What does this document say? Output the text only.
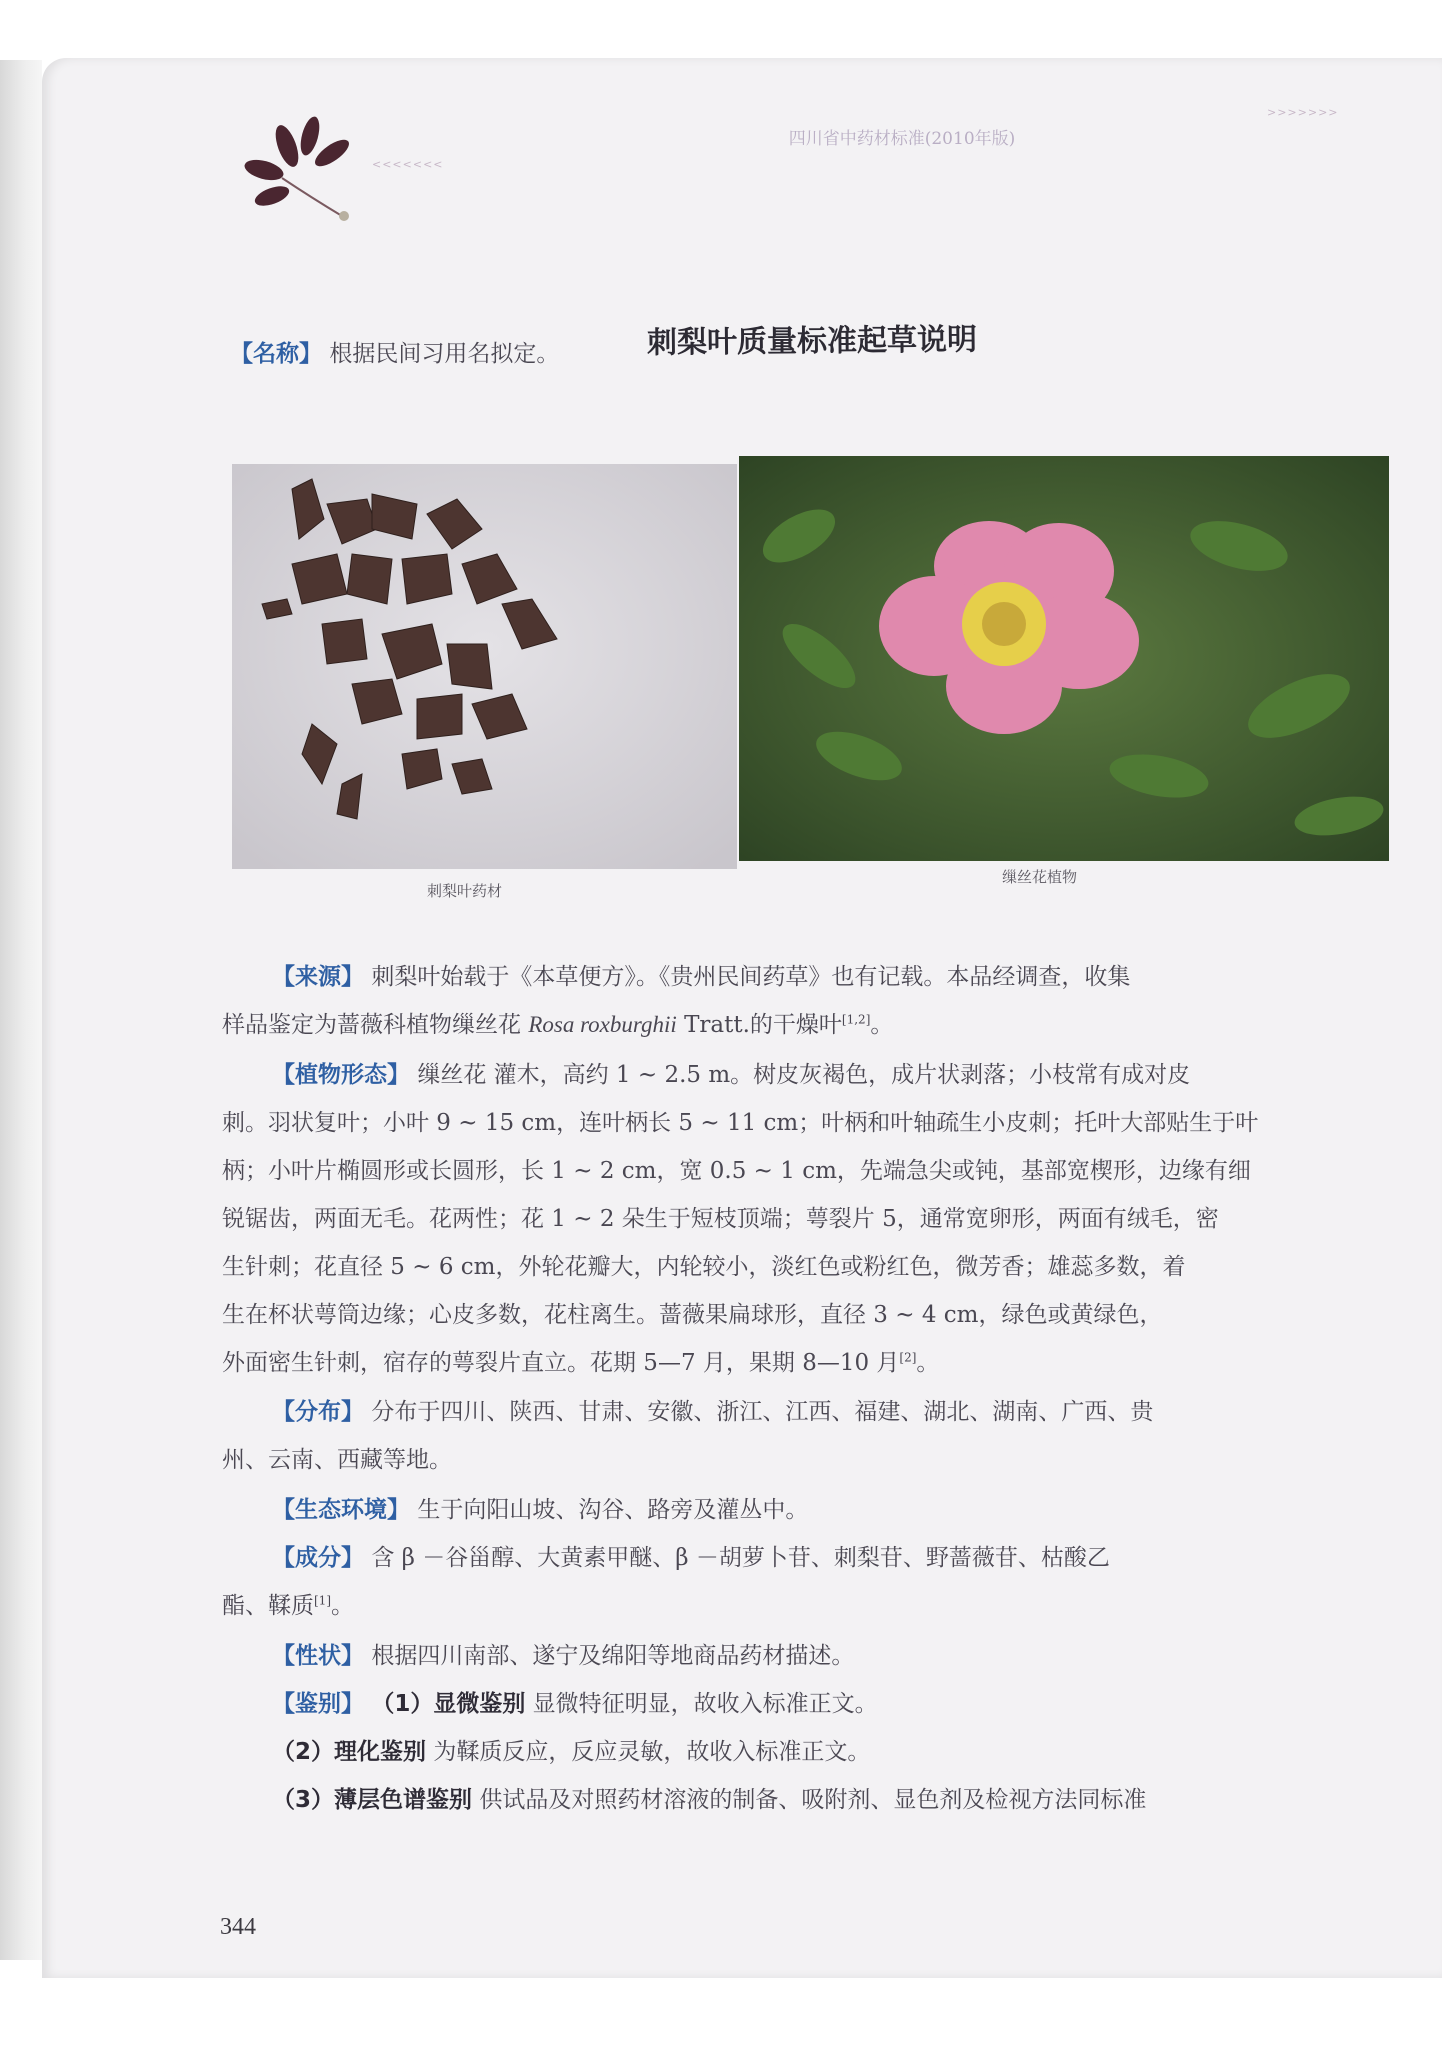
<<<<<<<
>>>>>>>
四川省中药材标准(2010年版)
刺梨叶质量标准起草说明
【名称】 根据民间习用名拟定。
刺梨叶药材
缫丝花植物
【来源】 刺梨叶始载于《本草便方》。《贵州民间药草》也有记载。本品经调查，收集
样品鉴定为蔷薇科植物缫丝花 Rosa roxburghii Tratt.的干燥叶[1,2]。
【植物形态】 缫丝花 灌木，高约 1 ~ 2.5 m。树皮灰褐色，成片状剥落；小枝常有成对皮
刺。羽状复叶；小叶 9 ~ 15 cm，连叶柄长 5 ~ 11 cm；叶柄和叶轴疏生小皮刺；托叶大部贴生于叶
柄；小叶片椭圆形或长圆形，长 1 ~ 2 cm，宽 0.5 ~ 1 cm，先端急尖或钝，基部宽楔形，边缘有细
锐锯齿，两面无毛。花两性；花 1 ~ 2 朵生于短枝顶端；萼裂片 5，通常宽卵形，两面有绒毛，密
生针刺；花直径 5 ~ 6 cm，外轮花瓣大，内轮较小，淡红色或粉红色，微芳香；雄蕊多数，着
生在杯状萼筒边缘；心皮多数，花柱离生。蔷薇果扁球形，直径 3 ~ 4 cm，绿色或黄绿色，
外面密生针刺，宿存的萼裂片直立。花期 5—7 月，果期 8—10 月[2]。
【分布】 分布于四川、陕西、甘肃、安徽、浙江、江西、福建、湖北、湖南、广西、贵
州、云南、西藏等地。
【生态环境】 生于向阳山坡、沟谷、路旁及灌丛中。
【成分】 含 β －谷甾醇、大黄素甲醚、β －胡萝卜苷、刺梨苷、野蔷薇苷、枯酸乙
酯、鞣质[1]。
【性状】 根据四川南部、遂宁及绵阳等地商品药材描述。
【鉴别】 （1）显微鉴别 显微特征明显，故收入标准正文。
（2）理化鉴别 为鞣质反应，反应灵敏，故收入标准正文。
（3）薄层色谱鉴别 供试品及对照药材溶液的制备、吸附剂、显色剂及检视方法同标准
344
